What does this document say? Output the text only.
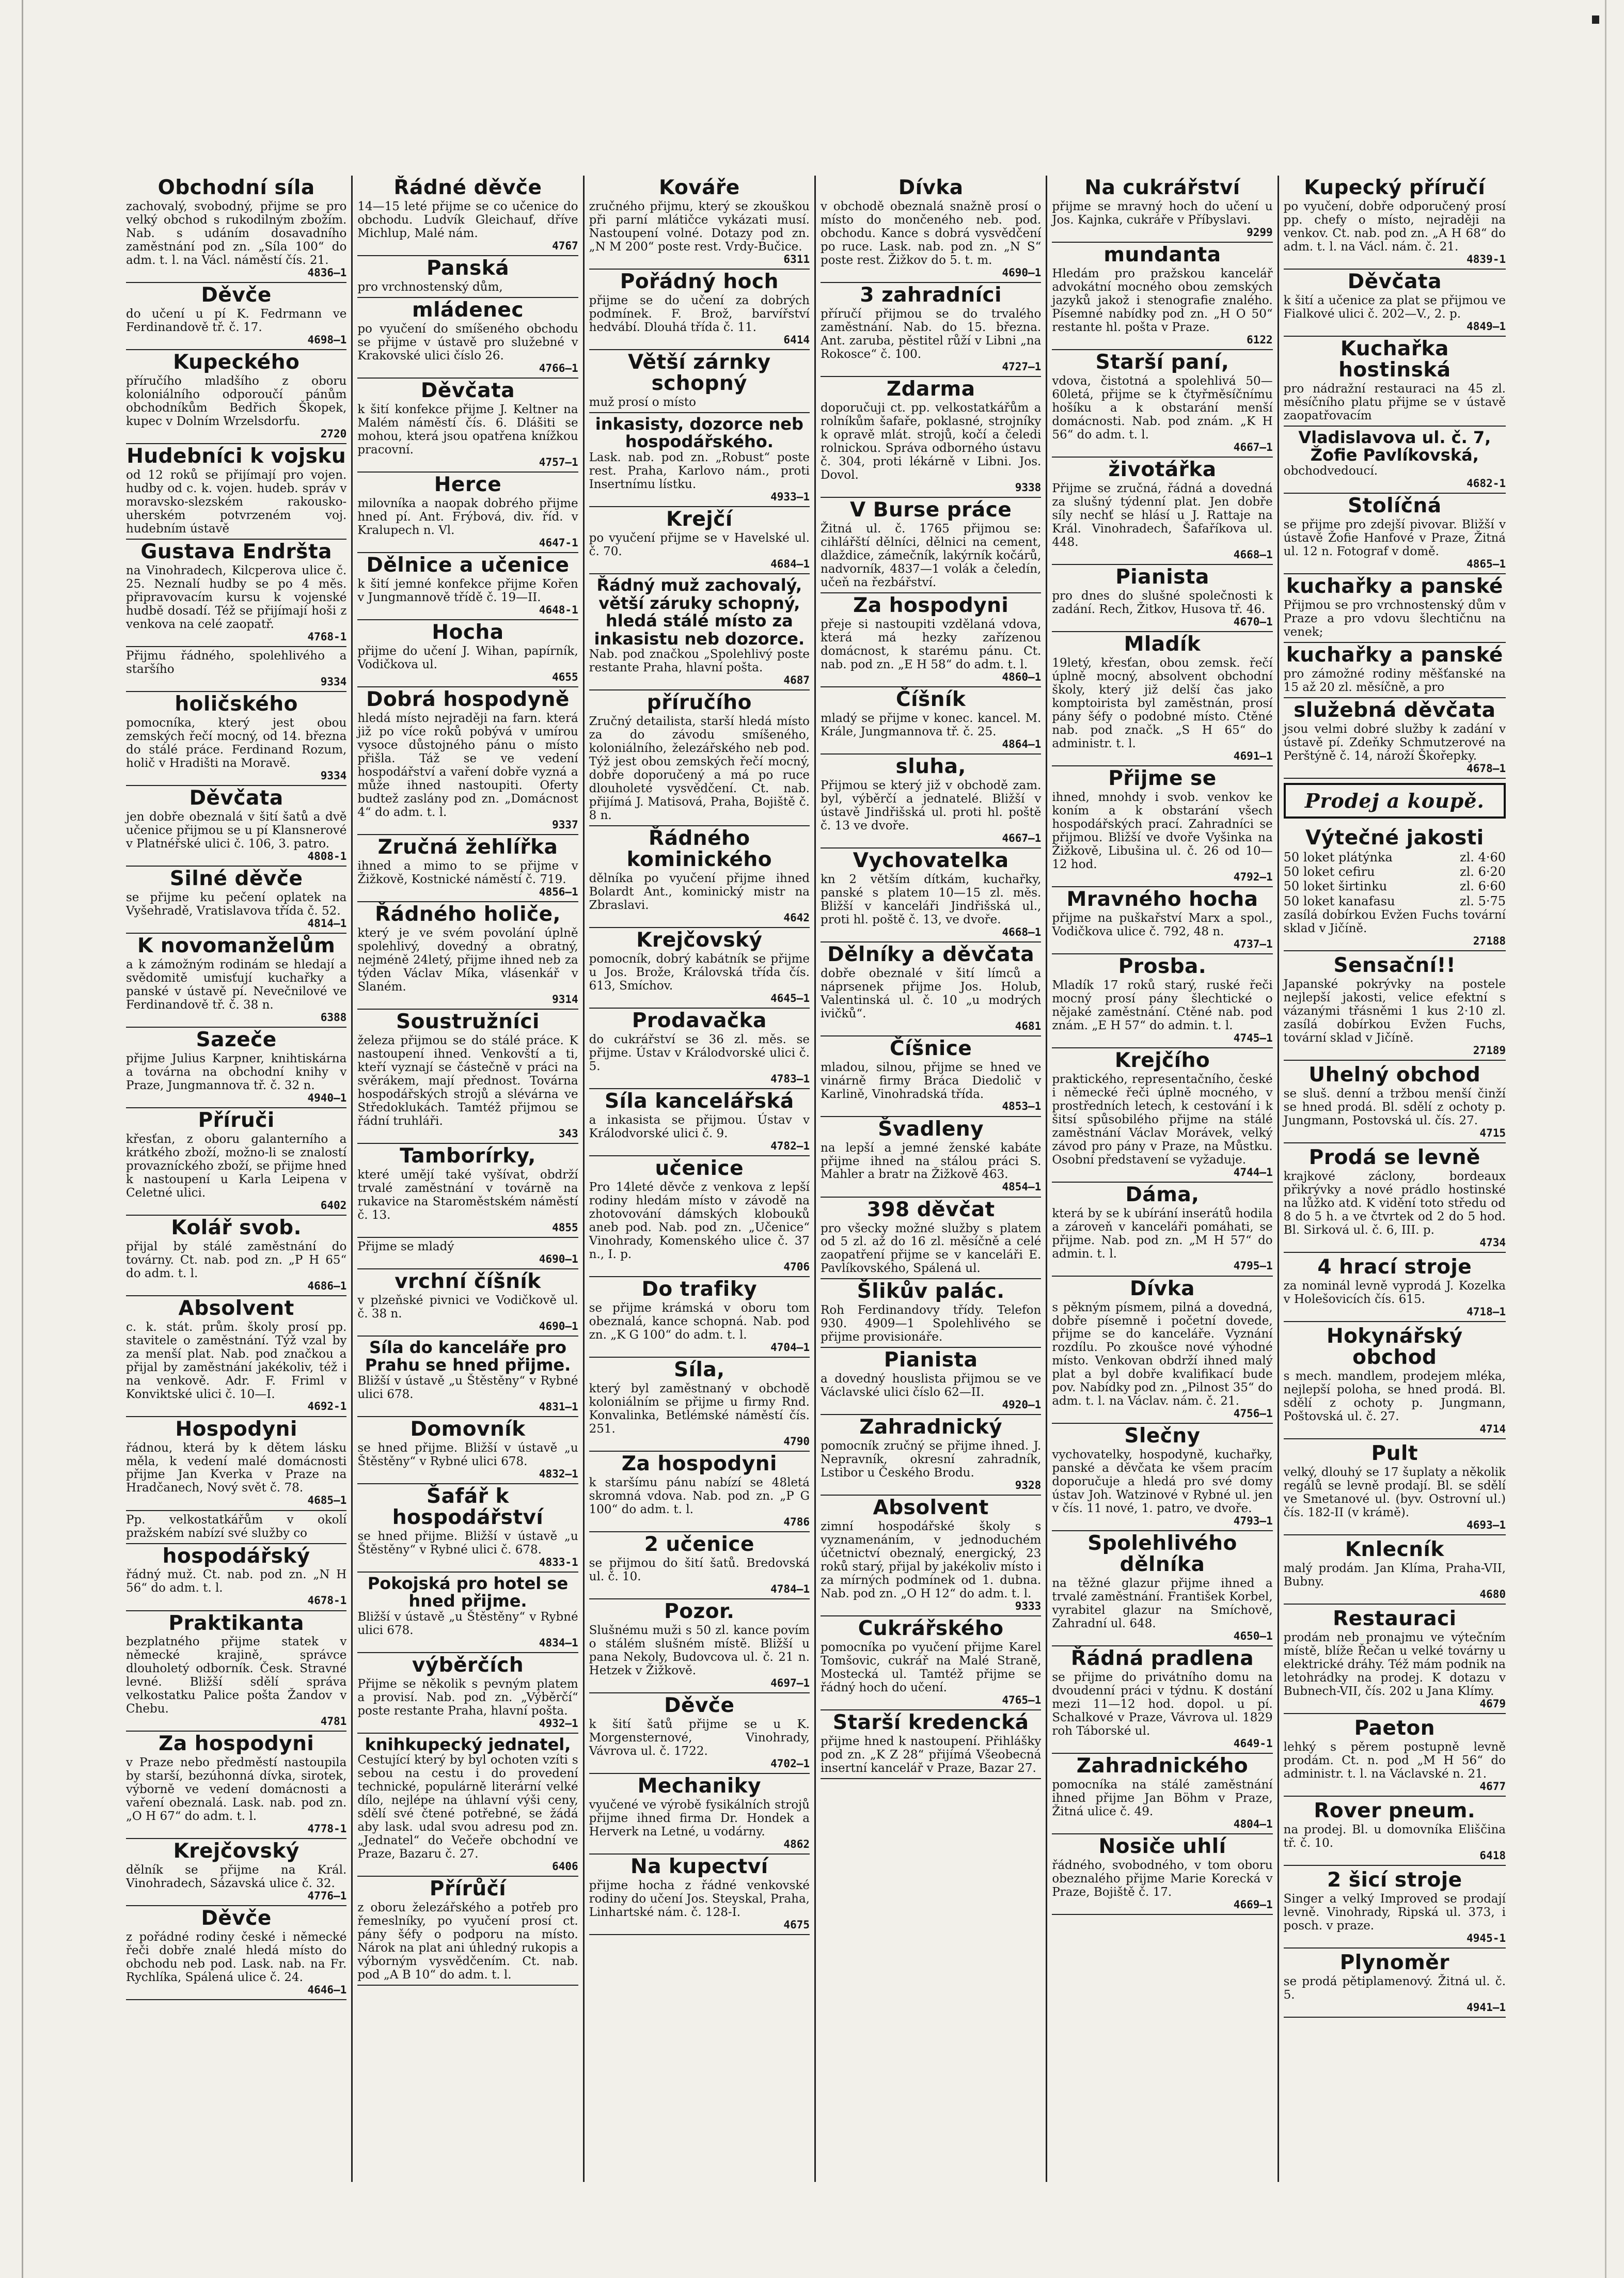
Obchodní síla

zachovalý, svobodný, přijme se pro velký obchod s rukodilným zbožím. Nab. s udáním dosavadního zaměstnání pod zn. „Síla 100“ do adm. t. l. na Václ. náměstí čís. 21.

4836—1
Děvče

do učení u pí K. Fedrmann ve Ferdinandově tř. č. 17.

4698—1
Kupeckého

příručího mladšího z oboru koloniálního odporoučí pánům obchodníkům Bedřich Škopek, kupec v Dolním Wrzelsdorfu.

2720
Hudebníci k vojsku

od 12 roků se přijímají pro vojen. hudby od c. k. vojen. hudeb. správ v moravsko-slezském rakousko-uherském potvrzeném voj. hudebním ústavě

Gustava Endršta

na Vinohradech, Kilcperova ulice č. 25. Neznalí hudby se po 4 měs. připravovacím kursu k vojenské hudbě dosadí. Též se přijímají hoši z venkova na celé zaopatř.

4768-1

Přijmu řádného, spolehlivého a staršího

9334
holičského

pomocníka, který jest obou zemských řečí mocný, od 14. března do stálé práce. Ferdinand Rozum, holič v Hradišti na Moravě.

9334
Děvčata

jen dobře obeznalá v šití šatů a dvě učenice přijmou se u pí Klansnerové v Platnéřské ulici č. 106, 3. patro.

4808-1
Silné děvče

se přijme ku pečení oplatek na Vyšehradě, Vratislavova třída č. 52.

4814—1
K novomanželům

a k zámožným rodinám se hledají a svědomitě umisťují kuchařky a panské v ústavě pí. Nevečnilové ve Ferdinandově tř. č. 38 n.

6388
Sazeče

přijme Julius Karpner, knihtiskárna a továrna na obchodní knihy v Praze, Jungmannova tř. č. 32 n.

4940—1
Příruči

křesťan, z oboru galanterního a krátkého zboží, možno-li se znalostí provazníckého zboží, se přijme hned k nastoupení u Karla Leipena v Celetné ulici.

6402
Kolář svob.

přijal by stálé zaměstnání do továrny. Ct. nab. pod zn. „P H 65“ do adm. t. l.

4686—1
Absolvent

c. k. stát. prům. školy prosí pp. stavitele o zaměstnání. Týž vzal by za menší plat. Nab. pod značkou a přijal by zaměstnání jakékoliv, též i na venkově. Adr. F. Friml v Konviktské ulici č. 10—I.

4692-1
Hospodyni

řádnou, která by k dětem lásku měla, k vedení malé domácnosti přijme Jan Kverka v Praze na Hradčanech, Nový svět č. 78.

4685—1

Pp. velkostatkářům v okolí pražském nabízí své služby co

hospodářský

řádný muž. Ct. nab. pod zn. „N H 56“ do adm. t. l.

4678-1
Praktikanta

bezplatného přijme statek v německé krajině, správce dlouholetý odborník. Česk. Stravné levné. Bližší sdělí správa velkostatku Palice pošta Žandov v Chebu.

4781
Za hospodyni

v Praze nebo předměstí nastoupila by starší, bezúhonná dívka, sirotek, výborně ve vedení domácnosti a vaření obeznalá. Lask. nab. pod zn. „O H 67“ do adm. t. l.

4778-1
Krejčovský

dělník se přijme na Král. Vinohradech, Sázavská ulice č. 32.

4776—1
Děvče

z pořádné rodiny české i německé řeči dobře znalé hledá místo do obchodu neb pod. Lask. nab. na Fr. Rychlíka, Spálená ulice č. 24.

4646—1
Řádné děvče

14—15 leté přijme se co učenice do obchodu. Ludvík Gleichauf, dříve Michlup, Malé nám.

4767
Panská

pro vrchnostenský dům,

mládenec

po vyučení do smíšeného obchodu se přijme v ústavě pro služebné v Krakovské ulici číslo 26.

4766—1
Děvčata

k šití konfekce přijme J. Keltner na Malém náměstí čís. 6. Dlášiti se mohou, která jsou opatřena knížkou pracovní.

4757—1
Herce

milovníka a naopak dobrého přijme hned pí. Ant. Frýbová, div. říd. v Kralupech n. Vl.

4647-1
Dělnice a učenice

k šití jemné konfekce přijme Kořen v Jungmannově třídě č. 19—II.

4648-1
Hocha

přijme do učení J. Wihan, papírník, Vodičkova ul.

4655
Dobrá hospodyně

hledá místo nejraději na farn. která již po více roků pobývá v umírou vysoce důstojného pánu o místo přišla. Táž se ve vedení hospodářství a vaření dobře vyzná a může ihned nastoupiti. Oferty budtež zaslány pod zn. „Domácnost 4“ do adm. t. l.

9337
Zručná žehlířka

ihned a mimo to se přijme v Žižkově, Kostnické náměstí č. 719.

4856—1
Řádného holiče,

který je ve svém povolání úplně spolehlivý, dovedný a obratný, nejméně 24letý, přijme ihned neb za týden Václav Míka, vlásenkář v Slaném.

9314
Soustružníci

železa přijmou se do stálé práce. K nastoupení ihned. Venkovští a ti, kteří vyznají se částečně v práci na svěrákem, mají přednost. Továrna hospodářských strojů a slévárna ve Středoklukách. Tamtéž přijmou se řádní truhláři.

343
Tamborírky,

které umějí také vyšívat, obdrží trvalé zaměstnání v továrně na rukavice na Staroměstském náměstí č. 13.

4855

Přijme se mladý

4690—1
vrchní číšník

v plzeňské pivnici ve Vodičkově ul. č. 38 n.

4690—1
Síla do kanceláře pro Prahu se hned přijme.

Bližší v ústavě „u Štěstěny“ v Rybné ulici 678.

4831—1
Domovník

se hned přijme. Bližší v ústavě „u Štěstěny“ v Rybné ulici 678.

4832—1
Šafář k hospodářství

se hned přijme. Bližší v ústavě „u Štěstěny“ v Rybné ulici č. 678.

4833-1
Pokojská pro hotel se hned přijme.

Bližší v ústavě „u Štěstěny“ v Rybné ulici 678.

4834—1
výběrčích

Přijme se několik s pevným platem a provisí. Nab. pod zn. „Výběrčí“ poste restante Praha, hlavní pošta.

4932—1
knihkupecký jednatel,

Cestující který by byl ochoten vzíti s sebou na cestu i do provedení technické, populárně literární velké dílo, nejlépe na úhlavní výši ceny, sdělí své čtené potřebné, se žádá aby lask. udal svou adresu pod zn. „Jednatel“ do Večeře obchodní ve Praze, Bazaru č. 27.

6406
Přírůčí

z oboru železářského a potřeb pro řemeslníky, po vyučení prosí ct. pány šéfy o podporu na místo. Nárok na plat ani úhledný rukopis a výborným vysvědčením. Ct. nab. pod „A B 10“ do adm. t. l.

Kováře

zručného přijmu, který se zkouškou při parní mlátičce vykázati musí. Nastoupení volné. Dotazy pod zn. „N M 200“ poste rest. Vrdy-Bučice.

6311
Pořádný hoch

přijme se do učení za dobrých podmínek. F. Brož, barvířství hedvábí. Dlouhá třída č. 11.

6414
Větší zárnky schopný

muž prosí o místo

inkasisty, dozorce neb hospodářského.

Lask. nab. pod zn. „Robust“ poste rest. Praha, Karlovo nám., proti Insertnímu lístku.

4933—1
Krejčí

po vyučení přijme se v Havelské ul. č. 70.

4684—1
Řádný muž zachovalý, větší záruky schopný, hledá stálé místo za inkasistu neb dozorce.

Nab. pod značkou „Spolehlivý poste restante Praha, hlavní pošta.

4687
příručího

Zručný detailista, starší hledá místo za do závodu smíšeného, koloniálního, železářského neb pod. Týž jest obou zemských řečí mocný, dobře doporučený a má po ruce dlouholeté vysvědčení. Ct. nab. přijímá J. Matisová, Praha, Bojiště č. 8 n.

Řádného kominického

dělníka po vyučení přijme ihned Bolardt Ant., kominický mistr na Zbraslavi.

4642
Krejčovský

pomocník, dobrý kabátník se přijme u Jos. Brože, Královská třída čís. 613, Smíchov.

4645—1
Prodavačka

do cukrářství se 36 zl. měs. se přijme. Ústav v Králodvorské ulici č. 5.

4783—1
Síla kancelářská

a inkasista se přijmou. Ústav v Králodvorské ulici č. 9.

4782—1
učenice

Pro 14leté děvče z venkova z lepší rodiny hledám místo v závodě na zhotovování dámských klobouků aneb pod. Nab. pod zn. „Učenice“ Vinohrady, Komenského ulice č. 37 n., I. p.

4706
Do trafiky

se přijme krámská v oboru tom obeznalá, kance schopná. Nab. pod zn. „K G 100“ do adm. t. l.

4704—1
Síla,

který byl zaměstnaný v obchodě koloniálním se přijme u firmy Rnd. Konvalinka, Betlémské náměstí čís. 251.

4790
Za hospodyni

k staršímu pánu nabízí se 48letá skromná vdova. Nab. pod zn. „P G 100“ do adm. t. l.

4786
2 učenice

se přijmou do šití šatů. Bredovská ul. č. 10.

4784—1
Pozor.

Slušnému muži s 50 zl. kance povím o stálém slušném místě. Bližší u pana Nekoly, Budovcova ul. č. 21 n. Hetzek v Žižkově.

4697—1
Děvče

k šití šatů přijme se u K. Morgensternové, Vinohrady, Vávrova ul. č. 1722.

4702—1
Mechaniky

vyučené ve výrobě fysikálních strojů přijme ihned firma Dr. Hondek a Herverk na Letné, u vodárny.

4862
Na kupectví

přijme hocha z řádné venkovské rodiny do učení Jos. Steyskal, Praha, Linhartské nám. č. 128-I.

4675
Dívka

v obchodě obeznalá snažně prosí o místo do mončeného neb. pod. obchodu. Kance s dobrá vysvědčení po ruce. Lask. nab. pod zn. „N S“ poste rest. Žižkov do 5. t. m.

4690—1
3 zahradníci

příručí přijmou se do trvalého zaměstnání. Nab. do 15. března. Ant. zaruba, pěstitel růží v Libni „na Rokosce“ č. 100.

4727—1
Zdarma

doporučuji ct. pp. velkostatkářům a rolníkům šafaře, poklasné, strojníky k opravě mlát. strojů, kočí a čeledi rolnickou. Správa odborného ústavu č. 304, proti lékárně v Libni. Jos. Dovol.

9338
V Burse práce

Žitná ul. č. 1765 přijmou se: cihlářští dělníci, dělnici na cement, dlaždice, zámečník, lakýrník kočárů, nadvorník, 4837—1 volák a čeledín, učeň na řezbářství.

Za hospodyni

přeje si nastoupiti vzdělaná vdova, která má hezky zařízenou domácnost, k starému pánu. Ct. nab. pod zn. „E H 58“ do adm. t. l.

4860—1
Číšník

mladý se přijme v konec. kancel. M. Krále, Jungmannova tř. č. 25.

4864—1
sluha,

Přijmou se který již v obchodě zam. byl, výběrčí a jednatelé. Bližší v ústavě Jindřišská ul. proti hl. poště č. 13 ve dvoře.

4667—1
Vychovatelka

kn 2 větším dítkám, kuchařky, panské s platem 10—15 zl. měs. Bližší v kanceláři Jindřišská ul., proti hl. poště č. 13, ve dvoře.

4668—1
Dělníky a děvčata

dobře obeznalé v šití límců a náprsenek přijme Jos. Holub, Valentinská ul. č. 10 „u modrých ivičků“.

4681
Číšnice

mladou, silnou, přijme se hned ve vinárně firmy Bráca Diedolič v Karlině, Vinohradská třída.

4853—1
Švadleny

na lepší a jemné ženské kabáte přijme ihned na stálou práci S. Mahler a bratr na Žižkově 463.

4854—1
398 děvčat

pro všecky možné služby s platem od 5 zl. až do 16 zl. měsíčně a celé zaopatření přijme se v kanceláři E. Pavlíkovského, Spálená ul.

Šlikův palác.

Roh Ferdinandovy třídy. Telefon 930. 4909—1 Spolehlivého se přijme provisionáře.

Pianista

a dovedný houslista přijmou se ve Václavské ulici číslo 62—II.

4920—1
Zahradnický

pomocník zručný se přijme ihned. J. Nepravník, okresní zahradník, Lstibor u Českého Brodu.

9328
Absolvent

zimní hospodářské školy s vyznamenáním, v jednoduchém účetnictví obeznalý, energický, 23 roků starý, přijal by jakékoliv místo i za mírných podmínek od 1. dubna. Nab. pod zn. „O H 12“ do adm. t. l.

9333
Cukrářského

pomocníka po vyučení přijme Karel Tomšovic, cukrář na Malé Straně, Mostecká ul. Tamtéž přijme se řádný hoch do učení.

4765—1
Starší kredencká

přijme hned k nastoupení. Přihlášky pod zn. „K Z 28“ přijímá Všeobecná insertní kancelář v Praze, Bazar 27.

Na cukrářství

přijme se mravný hoch do učení u Jos. Kajnka, cukráře v Příbyslavi.

9299
mundanta

Hledám pro pražskou kancelář advokátní mocného obou zemských jazyků jakož i stenografie znalého. Písemné nabídky pod zn. „H O 50“ restante hl. pošta v Praze.

6122
Starší paní,

vdova, čistotná a spolehlivá 50—60letá, přijme se k čtyřměsíčnímu hošíku a k obstarání menší domácnosti. Nab. pod znám. „K H 56“ do adm. t. l.

4667—1
životářka

Přijme se zručná, řádná a dovedná za slušný týdenní plat. Jen dobře síly nechť se hlásí u J. Rattaje na Král. Vinohradech, Šafaříkova ul. 448.

4668—1
Pianista

pro dnes do slušné společnosti k zadání. Rech, Žitkov, Husova tř. 46.

4670—1
Mladík

19letý, křesťan, obou zemsk. řečí úplně mocný, absolvent obchodní školy, který již delší čas jako komptoirista byl zaměstnán, prosí pány šéfy o podobné místo. Ctěné nab. pod značk. „S H 65“ do administr. t. l.

4691—1
Přijme se

ihned, mnohdy i svob. venkov ke koním a k obstarání všech hospodářských prací. Zahradníci se přijmou. Bližší ve dvoře Vyšinka na Žižkově, Libušina ul. č. 26 od 10—12 hod.

4792—1
Mravného hocha

přijme na puškařství Marx a spol., Vodičkova ulice č. 792, 48 n.

4737—1
Prosba.

Mladík 17 roků starý, ruské řeči mocný prosí pány šlechtické o nějaké zaměstnání. Ctěné nab. pod znám. „E H 57“ do admin. t. l.

4745—1
Krejčího

praktického, representačního, české i německé řeči úplně mocného, v prostředních letech, k cestování i k šitsí spůsobilého přijme na stálé zaměstnání Václav Morávek, velký závod pro pány v Praze, na Můstku. Osobní představení se vyžaduje.

4744—1
Dáma,

která by se k ubírání inserátů hodila a zároveň v kanceláři pomáhati, se přijme. Nab. pod zn. „M H 57“ do admin. t. l.

4795—1
Dívka

s pěkným písmem, pilná a dovedná, dobře písemně i početní dovede, přijme se do kanceláře. Vyznání rozdílu. Po zkoušce nové výhodné místo. Venkovan obdrží ihned malý plat a byl dobře kvalifikací bude pov. Nabídky pod zn. „Pilnost 35“ do adm. t. l. na Václav. nám. č. 21.

4756—1
Slečny

vychovatelky, hospodyně, kuchařky, panské a děvčata ke všem pracím doporučuje a hledá pro své domy ústav Joh. Watzinové v Rybné ul. jen v čís. 11 nové, 1. patro, ve dvoře.

4793—1
Spolehlivého dělníka

na těžné glazur přijme ihned a trvalé zaměstnání. František Korbel, vyrabitel glazur na Smíchově, Zahradní ul. 648.

4650—1
Řádná pradlena

se přijme do privátního domu na dvoudenní práci v týdnu. K dostání mezi 11—12 hod. dopol. u pí. Schalkové v Praze, Vávrova ul. 1829 roh Táborské ul.

4649-1
Zahradnického

pomocníka na stálé zaměstnání ihned přijme Jan Böhm v Praze, Žitná ulice č. 49.

4804—1
Nosiče uhlí

řádného, svobodného, v tom oboru obeznalého přijme Marie Korecká v Praze, Bojiště č. 17.

4669—1
Kupecký příručí

po vyučení, dobře odporučený prosí pp. chefy o místo, nejraději na venkov. Ct. nab. pod zn. „A H 68“ do adm. t. l. na Václ. nám. č. 21.

4839-1
Děvčata

k šití a učenice za plat se přijmou ve Fialkové ulici č. 202—V., 2. p.

4849—1
Kuchařka hostinská

pro nádražní restauraci na 45 zl. měsíčního platu přijme se v ústavě zaopatřovacím

Vladislavova ul. č. 7, Žofie Pavlíkovská,

obchodvedoucí.

4682-1
Stolíčná

se přijme pro zdejší pivovar. Bližší v ústavě Žofie Hanfové v Praze, Žitná ul. 12 n. Fotograf v domě.

4865—1
kuchařky a panské

Přijmou se pro vrchnostenský dům v Praze a pro vdovu šlechtičnu na venek;

kuchařky a panské

pro zámožné rodiny měšťanské na 15 až 20 zl. měsíčně, a pro

služebná děvčata

jsou velmi dobré služby k zadání v ústavě pí. Zdeňky Schmutzerové na Perštýně č. 14, nároží Škořepky.

4678—1
Prodej a koupě.
Výtečné jakosti
50 loket plátýnka	zl. 4·60
50 loket cefiru	zl. 6·20
50 loket širtinku	zl. 6·60
50 loket kanafasu	zl. 5·75

zasílá dobírkou Evžen Fuchs tovární sklad v Jičíně.

27188
Sensační!!

Japanské pokrývky na postele nejlepší jakosti, velice efektní s vázanými třásněmi 1 kus 2·10 zl. zasílá dobírkou Evžen Fuchs, tovární sklad v Jičíně.

27189
Uhelný obchod

se sluš. denní a tržbou menší činží se hned prodá. Bl. sdělí z ochoty p. Jungmann, Postovská ul. čís. 27.

4715
Prodá se levně

krajkové záclony, bordeaux přikrývky a nové prádlo hostinské na lůžko atd. K vidění toto středu od 8 do 5 h. a ve čtvrtek od 2 do 5 hod. Bl. Sirková ul. č. 6, III. p.

4734
4 hrací stroje

za nominál levně vyprodá J. Kozelka v Holešovicích čís. 615.

4718—1
Hokynářský obchod

s mech. mandlem, prodejem mléka, nejlepší poloha, se hned prodá. Bl. sdělí z ochoty p. Jungmann, Poštovská ul. č. 27.

4714
Pult

velký, dlouhý se 17 šuplaty a několik regálů se levně prodají. Bl. se sdělí ve Smetanové ul. (byv. Ostrovní ul.) čís. 182-II (v krámě).

4693—1
Knlecník

malý prodám. Jan Klíma, Praha-VII, Bubny.

4680
Restauraci

prodám neb pronajmu ve výtečním místě, blíže Řečan u velké továrny u elektrické dráhy. Též mám podnik na letohrádky na prodej. K dotazu v Bubnech-VII, čís. 202 u Jana Klímy.

4679
Paeton

lehký s pěrem postupně levně prodám. Ct. n. pod „M H 56“ do administr. t. l. na Václavské n. 21.

4677
Rover pneum.

na prodej. Bl. u domovníka Eliščina tř. č. 10.

6418
2 šicí stroje

Singer a velký Improved se prodají levně. Vinohrady, Ripská ul. 373, i posch. v praze.

4945-1
Plynoměr

se prodá pětiplamenový. Žitná ul. č. 5.

4941—1
